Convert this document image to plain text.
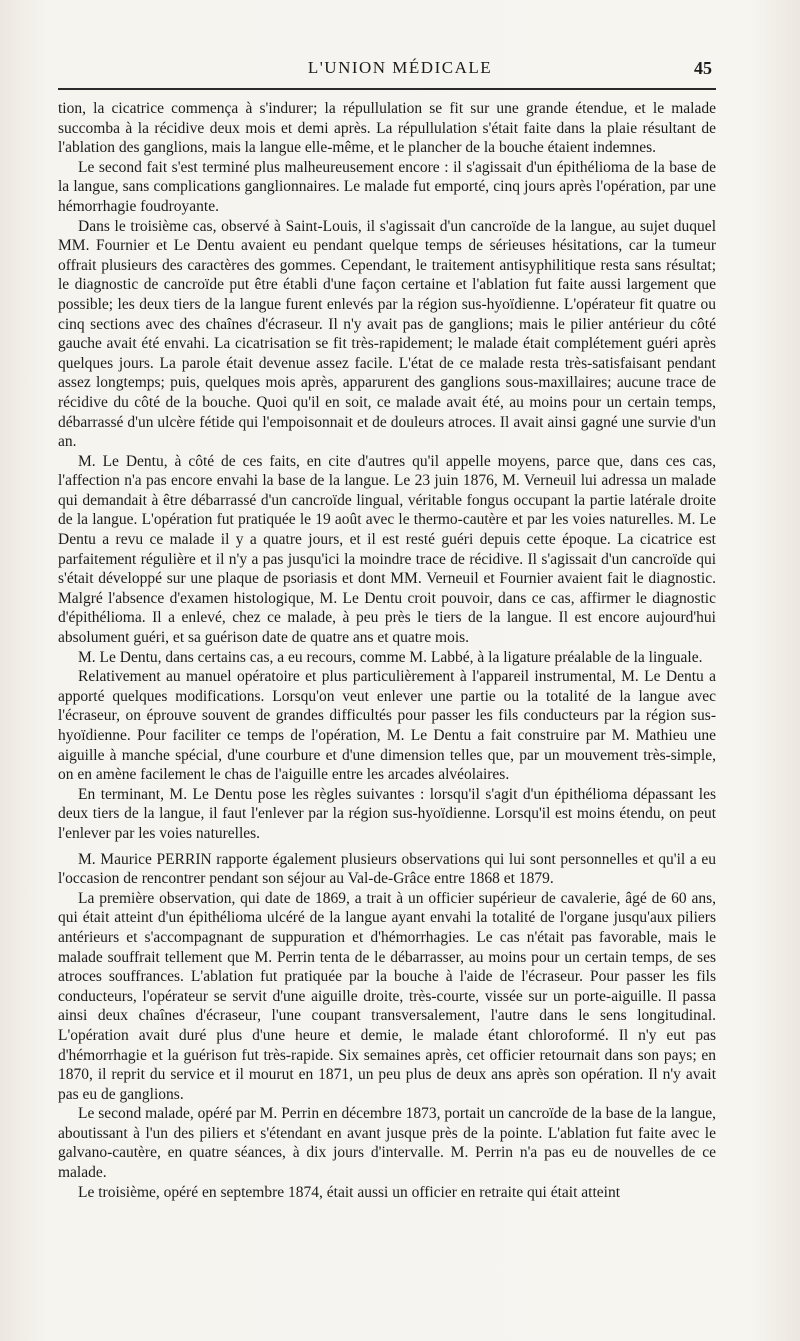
L'UNION MÉDICALE	45

tion, la cicatrice commença à s'indurer; la répullulation se fit sur une grande étendue, et le malade succomba à la récidive deux mois et demi après. La répullulation s'était faite dans la plaie résultant de l'ablation des ganglions, mais la langue elle-même, et le plancher de la bouche étaient indemnes.

Le second fait s'est terminé plus malheureusement encore : il s'agissait d'un épithélioma de la base de la langue, sans complications ganglionnaires. Le malade fut emporté, cinq jours après l'opération, par une hémorrhagie foudroyante.

Dans le troisième cas, observé à Saint-Louis, il s'agissait d'un cancroïde de la langue, au sujet duquel MM. Fournier et Le Dentu avaient eu pendant quelque temps de sérieuses hésitations, car la tumeur offrait plusieurs des caractères des gommes. Cependant, le traitement antisyphilitique resta sans résultat; le diagnostic de cancroïde put être établi d'une façon certaine et l'ablation fut faite aussi largement que possible; les deux tiers de la langue furent enlevés par la région sus-hyoïdienne. L'opérateur fit quatre ou cinq sections avec des chaînes d'écraseur. Il n'y avait pas de ganglions; mais le pilier antérieur du côté gauche avait été envahi. La cicatrisation se fit très-rapidement; le malade était complétement guéri après quelques jours. La parole était devenue assez facile. L'état de ce malade resta très-satisfaisant pendant assez longtemps; puis, quelques mois après, apparurent des ganglions sous-maxillaires; aucune trace de récidive du côté de la bouche. Quoi qu'il en soit, ce malade avait été, au moins pour un certain temps, débarrassé d'un ulcère fétide qui l'empoisonnait et de douleurs atroces. Il avait ainsi gagné une survie d'un an.

M. Le Dentu, à côté de ces faits, en cite d'autres qu'il appelle moyens, parce que, dans ces cas, l'affection n'a pas encore envahi la base de la langue. Le 23 juin 1876, M. Verneuil lui adressa un malade qui demandait à être débarrassé d'un cancroïde lingual, véritable fongus occupant la partie latérale droite de la langue. L'opération fut pratiquée le 19 août avec le thermo-cautère et par les voies naturelles. M. Le Dentu a revu ce malade il y a quatre jours, et il est resté guéri depuis cette époque. La cicatrice est parfaitement régulière et il n'y a pas jusqu'ici la moindre trace de récidive. Il s'agissait d'un cancroïde qui s'était développé sur une plaque de psoriasis et dont MM. Verneuil et Fournier avaient fait le diagnostic. Malgré l'absence d'examen histologique, M. Le Dentu croit pouvoir, dans ce cas, affirmer le diagnostic d'épithélioma. Il a enlevé, chez ce malade, à peu près le tiers de la langue. Il est encore aujourd'hui absolument guéri, et sa guérison date de quatre ans et quatre mois.

M. Le Dentu, dans certains cas, a eu recours, comme M. Labbé, à la ligature préalable de la linguale.

Relativement au manuel opératoire et plus particulièrement à l'appareil instrumental, M. Le Dentu a apporté quelques modifications. Lorsqu'on veut enlever une partie ou la totalité de la langue avec l'écraseur, on éprouve souvent de grandes difficultés pour passer les fils conducteurs par la région sus-hyoïdienne. Pour faciliter ce temps de l'opération, M. Le Dentu a fait construire par M. Mathieu une aiguille à manche spécial, d'une courbure et d'une dimension telles que, par un mouvement très-simple, on en amène facilement le chas de l'aiguille entre les arcades alvéolaires.

En terminant, M. Le Dentu pose les règles suivantes : lorsqu'il s'agit d'un épithélioma dépassant les deux tiers de la langue, il faut l'enlever par la région sus-hyoïdienne. Lorsqu'il est moins étendu, on peut l'enlever par les voies naturelles.

M. Maurice PERRIN rapporte également plusieurs observations qui lui sont personnelles et qu'il a eu l'occasion de rencontrer pendant son séjour au Val-de-Grâce entre 1868 et 1879.

La première observation, qui date de 1869, a trait à un officier supérieur de cavalerie, âgé de 60 ans, qui était atteint d'un épithélioma ulcéré de la langue ayant envahi la totalité de l'organe jusqu'aux piliers antérieurs et s'accompagnant de suppuration et d'hémorrhagies. Le cas n'était pas favorable, mais le malade souffrait tellement que M. Perrin tenta de le débarrasser, au moins pour un certain temps, de ses atroces souffrances. L'ablation fut pratiquée par la bouche à l'aide de l'écraseur. Pour passer les fils conducteurs, l'opérateur se servit d'une aiguille droite, très-courte, vissée sur un porte-aiguille. Il passa ainsi deux chaînes d'écraseur, l'une coupant transversalement, l'autre dans le sens longitudinal. L'opération avait duré plus d'une heure et demie, le malade étant chloroformé. Il n'y eut pas d'hémorrhagie et la guérison fut très-rapide. Six semaines après, cet officier retournait dans son pays; en 1870, il reprit du service et il mourut en 1871, un peu plus de deux ans après son opération. Il n'y avait pas eu de ganglions.

Le second malade, opéré par M. Perrin en décembre 1873, portait un cancroïde de la base de la langue, aboutissant à l'un des piliers et s'étendant en avant jusque près de la pointe. L'ablation fut faite avec le galvano-cautère, en quatre séances, à dix jours d'intervalle. M. Perrin n'a pas eu de nouvelles de ce malade.

Le troisième, opéré en septembre 1874, était aussi un officier en retraite qui était atteint
